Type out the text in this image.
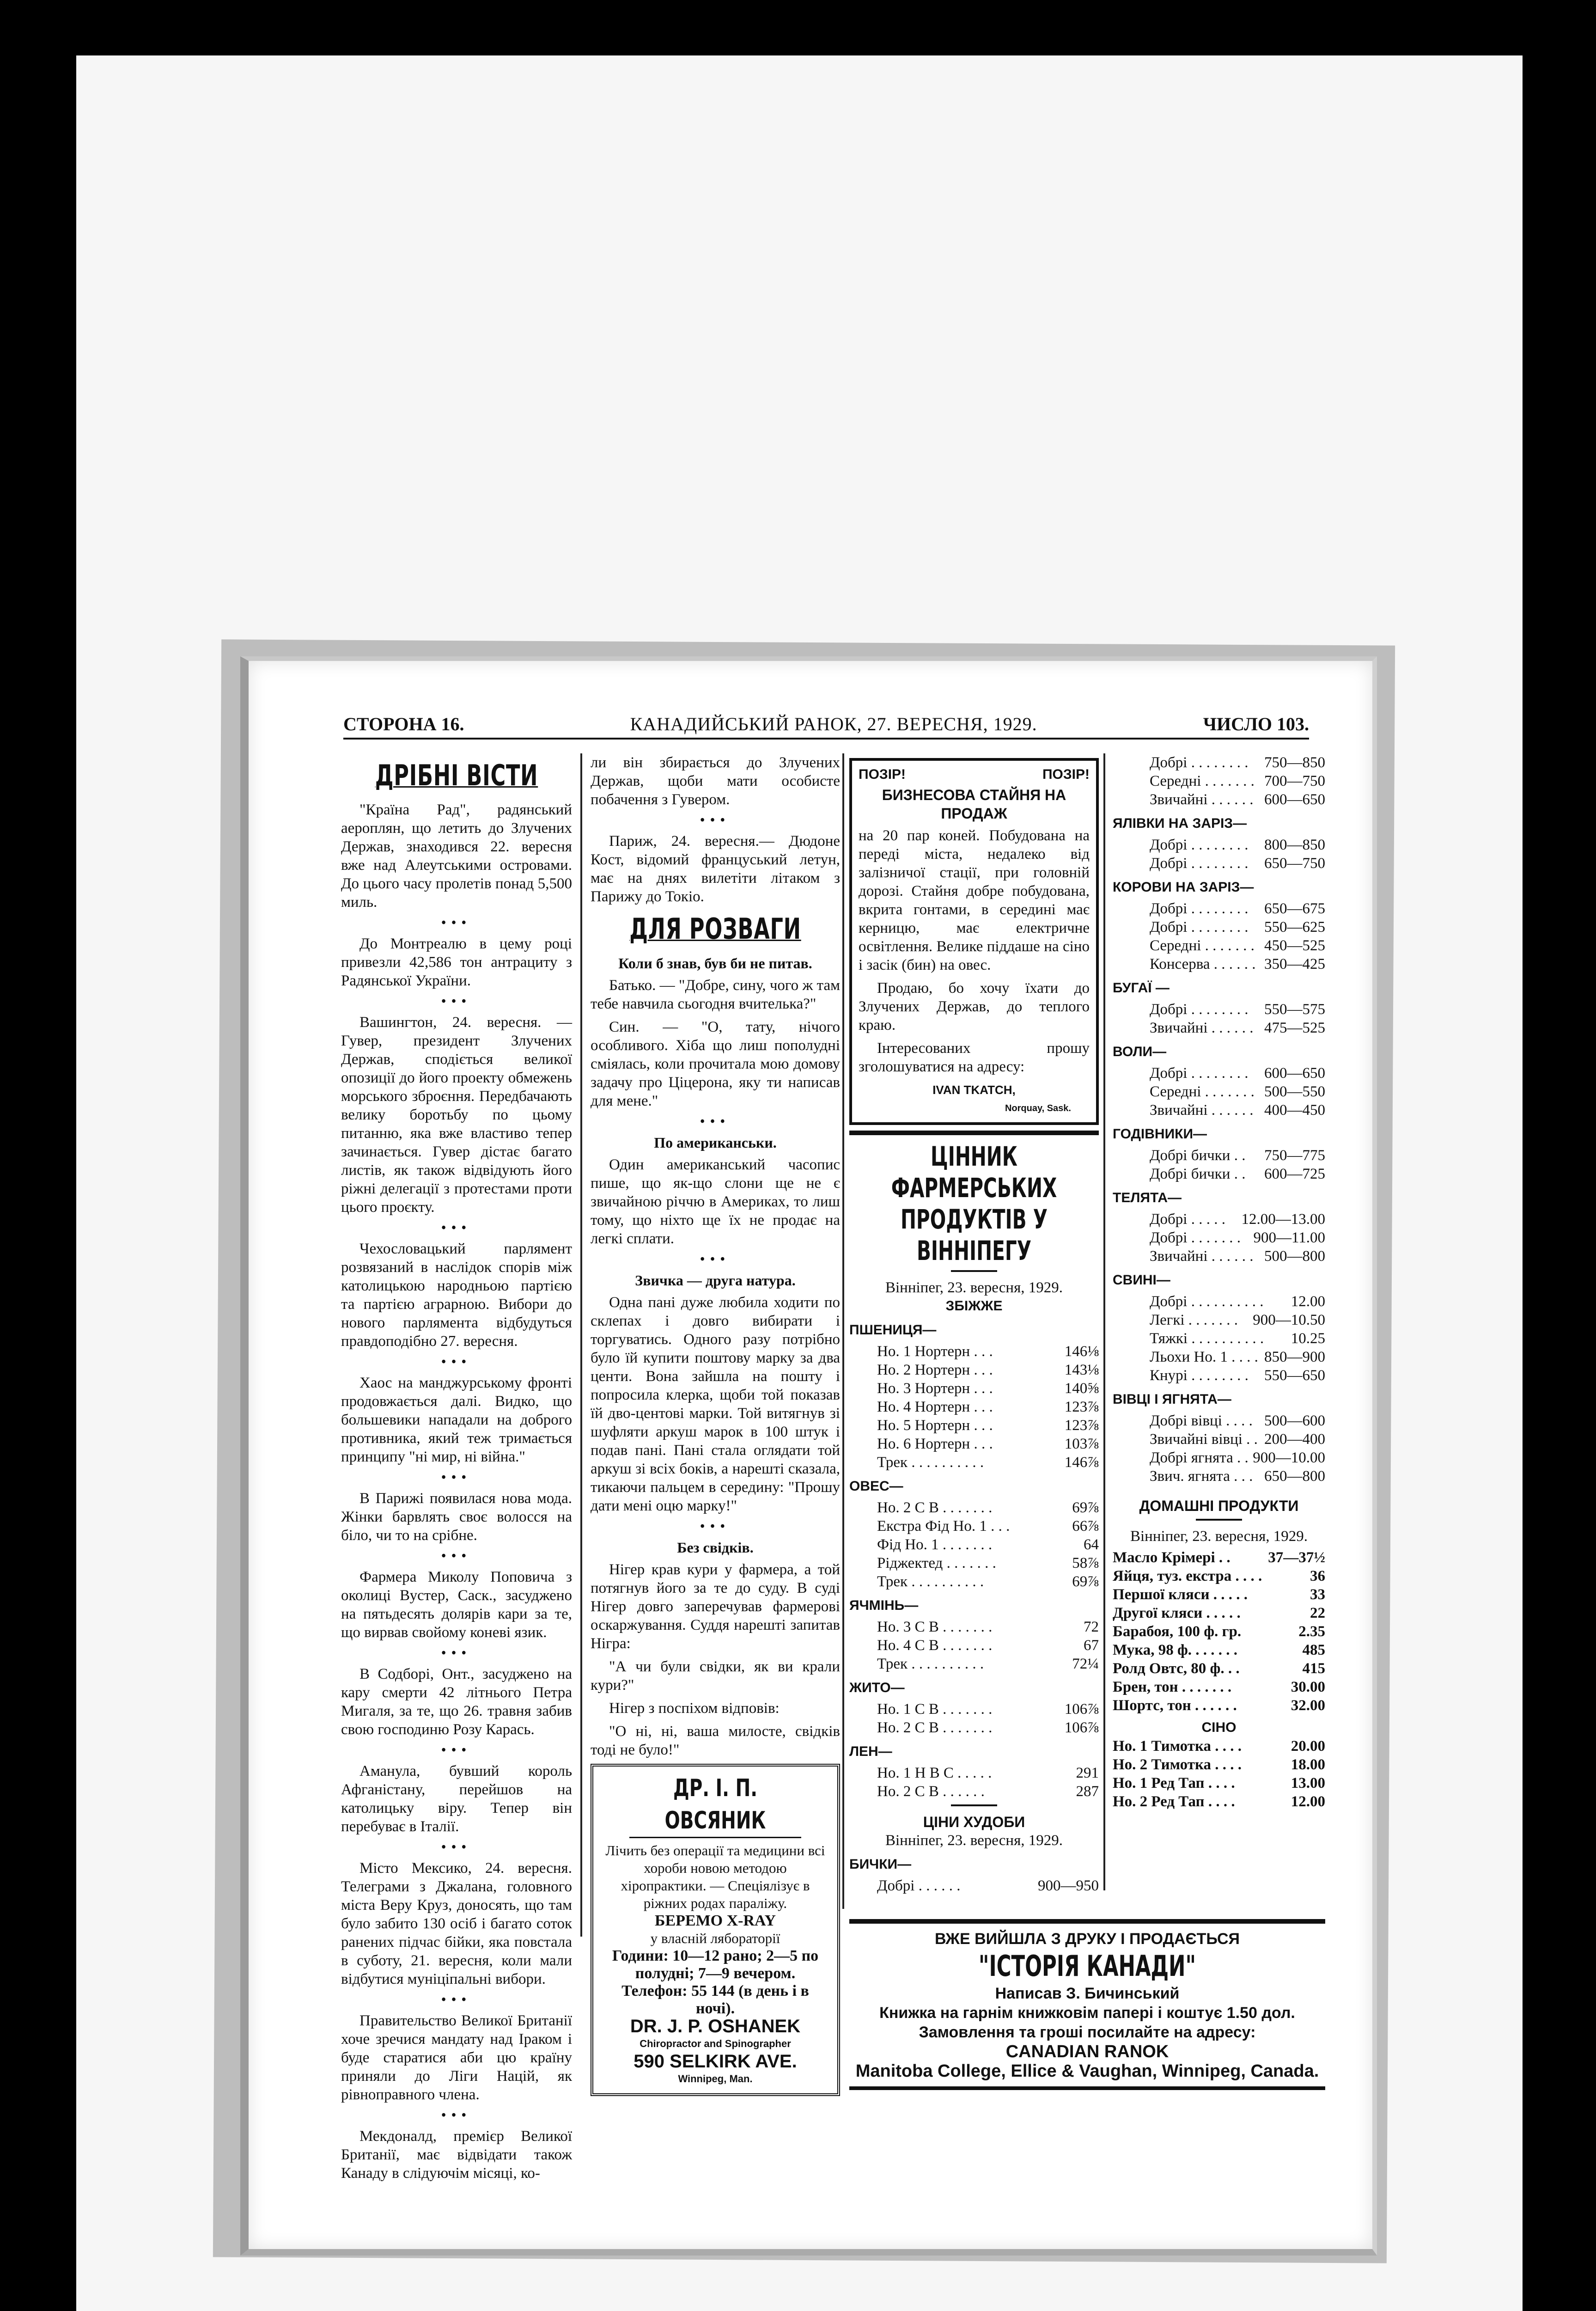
СТОРОНА 16.	КАНАДИЙСЬКИЙ РАНОК, 27. ВЕРЕСНЯ, 1929.	ЧИСЛО 103.
ДРІБНІ ВІСТИ

"Країна Рад", радянський аероплян, що летить до Злучених Держав, знаходився 22. вересня вже над Алеутськими островами. До цього часу пролетів понад 5,500 миль.

•••

До Монтреалю в цему році привезли 42,586 тон антрациту з Радянської України.

•••

Вашингтон, 24. вересня. — Гувер, президент Злучених Держав, сподіється великої опозиції до його проекту обмежень морського зброєння. Передбачають велику боротьбу по цьому питанню, яка вже властиво тепер зачинається. Гувер дістає багато листів, як також відвідують його ріжні делегації з протестами проти цього проєкту.

•••

Чехословацький парлямент розвязаний в наслідок спорів між католицькою народньою партією та партією аграрною. Вибори до нового парлямента відбудуться правдоподібно 27. вересня.

•••

Хаос на манджурському фронті продовжається далі. Видко, що большевики нападали на доброго противника, який теж тримається принципу "ні мир, ні війна."

•••

В Парижі появилася нова мода. Жінки барвлять своє волосся на біло, чи то на срібне.

•••

Фармера Миколу Поповича з околиці Вустер, Саск., засуджено на пятьдесять долярів кари за те, що вирвав свойому коневі язик.

•••

В Содборі, Онт., засуджено на кару смерти 42 літнього Петра Мигаля, за те, що 26. травня забив свою господиню Розу Карась.

•••

Аманула, бувший король Афганістану, перейшов на католицьку віру. Тепер він перебуває в Італії.

•••

Місто Мексико, 24. вересня. Телеграми з Джалана, головного міста Веру Круз, доносять, що там було забито 130 осіб і багато соток ранених підчас бійки, яка повстала в суботу, 21. вересня, коли мали відбутися муніціпальні вибори.

•••

Правительство Великої Британії хоче зречися мандату над Іраком і буде старатися аби цю країну приняли до Ліги Націй, як рівноправного члена.

•••

Мекдоналд, премієр Великої Британії, має відвідати також Канаду в слідуючім місяці, ко-

ли він збирається до Злучених Держав, щоби мати особисте побачення з Гувером.

•••

Париж, 24. вересня.— Дюдоне Кост, відомий француський летун, має на днях вилетіти літаком з Парижу до Токіо.

ДЛЯ РОЗВАГИ
Коли б знав, був би не питав.

Батько. — "Добре, сину, чого ж там тебе навчила сьогодня вчителька?"

Син. — "О, тату, нічого особливого. Хіба що лиш пополудні сміялась, коли прочитала мою домову задачу про Ціцерона, яку ти написав для мене."

•••
По американськи.

Один американський часопис пише, що як-що слони ще не є звичайною річчю в Америках, то лиш тому, що ніхто ще їх не продає на легкі сплати.

•••
Звичка — друга натура.

Одна пані дуже любила ходити по склепах і довго вибирати і торгуватись. Одного разу потрібно було їй купити поштову марку за два центи. Вона зайшла на пошту і попросила клерка, щоби той показав їй дво-центові марки. Той витягнув зі шуфляти аркуш марок в 100 штук і подав пані. Пані стала оглядати той аркуш зі всіх боків, а нарешті сказала, тикаючи пальцем в середину: "Прошу дати мені оцю марку!"

•••
Без свідків.

Нігер крав кури у фармера, а той потягнув його за те до суду. В суді Нігер довго заперечував фармерові оскаржування. Суддя нарешті запитав Нігра:

"А чи були свідки, як ви крали кури?"

Нігер з поспіхом відповів:

"О ні, ні, ваша милосте, свідків тоді не було!"

ДР. І. П. ОВСЯНИК
Лічить без операції та медицини всі хороби новою методою хіропрактики. — Спеціялізує в ріжних родах параліжу.
БЕРЕМО X-RAY
у власній лябораторії
Години: 10—12 рано; 2—5 по полудні; 7—9 вечером.
Телефон: 55 144 (в день і в ночі).
DR. J. P. OSHANEK
Chiropractor and Spinographer
590 SELKIRK AVE.
Winnipeg, Man.
ПОЗІР!	ПОЗІР!
БИЗНЕСОВА СТАЙНЯ НА ПРОДАЖ

на 20 пар коней. Побудована на переді міста, недалеко від залізничої стації, при головній дорозі. Стайня добре побудована, вкрита гонтами, в середині має керницю, має електричне освітлення. Велике піддаше на сіно і засік (бин) на овес.

Продаю, бо хочу їхати до Злучених Держав, до теплого краю.

Інтересованих прошу зголошуватися на адресу:

IVAN TKATCH,
Norquay, Sask.
ЦІННИК ФАРМЕРСЬКИХ ПРОДУКТІВ У ВІННІПЕГУ
Вінніпег, 23. вересня, 1929.
ЗБІЖЖЕ
ПШЕНИЦЯ—
Но. 1 Нортерн . . .	146⅛
Но. 2 Нортерн . . .	143⅛
Но. 3 Нортерн . . .	140⅝
Но. 4 Нортерн . . .	123⅞
Но. 5 Нортерн . . .	123⅞
Но. 6 Нортерн . . .	103⅞
Трек . . . . . . . . . .	146⅞
ОВЕС—
Но. 2 С В . . . . . . .	69⅞
Екстра Фід Но. 1 . . .	66⅞
Фід Но. 1 . . . . . . .	64
Ріджектед . . . . . . .	58⅞
Трек . . . . . . . . . .	69⅞
ЯЧМІНЬ—
Но. 3 С В . . . . . . .	72
Но. 4 С В . . . . . . .	67
Трек . . . . . . . . . .	72¼
ЖИТО—
Но. 1 С В . . . . . . .	106⅞
Но. 2 С В . . . . . . .	106⅞
ЛЕН—
Но. 1 Н В С . . . . .	291
Но. 2 С В . . . . . .	287
ЦІНИ ХУДОБИ
Вінніпег, 23. вересня, 1929.
БИЧКИ—
Добрі . . . . . .	900—950
Добрі . . . . . . . . 750—850
Середні . . . . . . . 700—750
Звичайні . . . . . . 600—650
ЯЛІВКИ НА ЗАРІЗ—
Добрі . . . . . . . . 800—850
Добрі . . . . . . . . 650—750
КОРОВИ НА ЗАРІЗ—
Добрі . . . . . . . . 650—675
Добрі . . . . . . . . 550—625
Середні . . . . . . . 450—525
Консерва . . . . . . 350—425
БУГАЇ —
Добрі . . . . . . . . 550—575
Звичайні . . . . . . 475—525
ВОЛИ—
Добрі . . . . . . . . 600—650
Середні . . . . . . . 500—550
Звичайні . . . . . . 400—450
ГОДІВНИКИ—
Добрі бички . . 750—775
Добрі бички . . 600—725
ТЕЛЯТА—
Добрі . . . . . 12.00—13.00
Добрі . . . . . . . 900—11.00
Звичайні . . . . . . 500—800
СВИНІ—
Добрі . . . . . . . . . . 12.00
Легкі . . . . . . . 900—10.50
Тяжкі . . . . . . . . . . 10.25
Льохи Но. 1 . . . . 850—900
Кнурі . . . . . . . . 550—650
ВІВЦІ І ЯГНЯТА—
Добрі вівці . . . . 500—600
Звичайні вівці . . 200—400
Добрі ягнята . . 900—10.00
Звич. ягнята . . . 650—800
ДОМАШНІ ПРОДУКТИ
Вінніпег, 23. вересня, 1929.
Масло Крімері . . 37—37½
Яйця, туз. екстра . . . .	36
Першої кляси . . . . .	33
Другої кляси . . . . .	22
Барабоя, 100 ф. гр.	2.35
Мука, 98 ф. . . . . . .	485
Ролд Овтс, 80 ф. . .	415
Брен, тон . . . . . . .	30.00
Шортс, тон . . . . . .	32.00
СІНО
Но. 1 Тимотка . . . .	20.00
Но. 2 Тимотка . . . .	18.00
Но. 1 Ред Тап . . . .	13.00
Но. 2 Ред Тап . . . .	12.00
ВЖЕ ВИЙШЛА З ДРУКУ І ПРОДАЄТЬСЯ
"ІСТОРІЯ КАНАДИ"
Написав З. Бичинський
Книжка на гарнім книжковім папері і коштує 1.50 дол.
Замовлення та гроші посилайте на адресу:
CANADIAN RANOK
Manitoba College, Ellice & Vaughan, Winnipeg, Canada.
